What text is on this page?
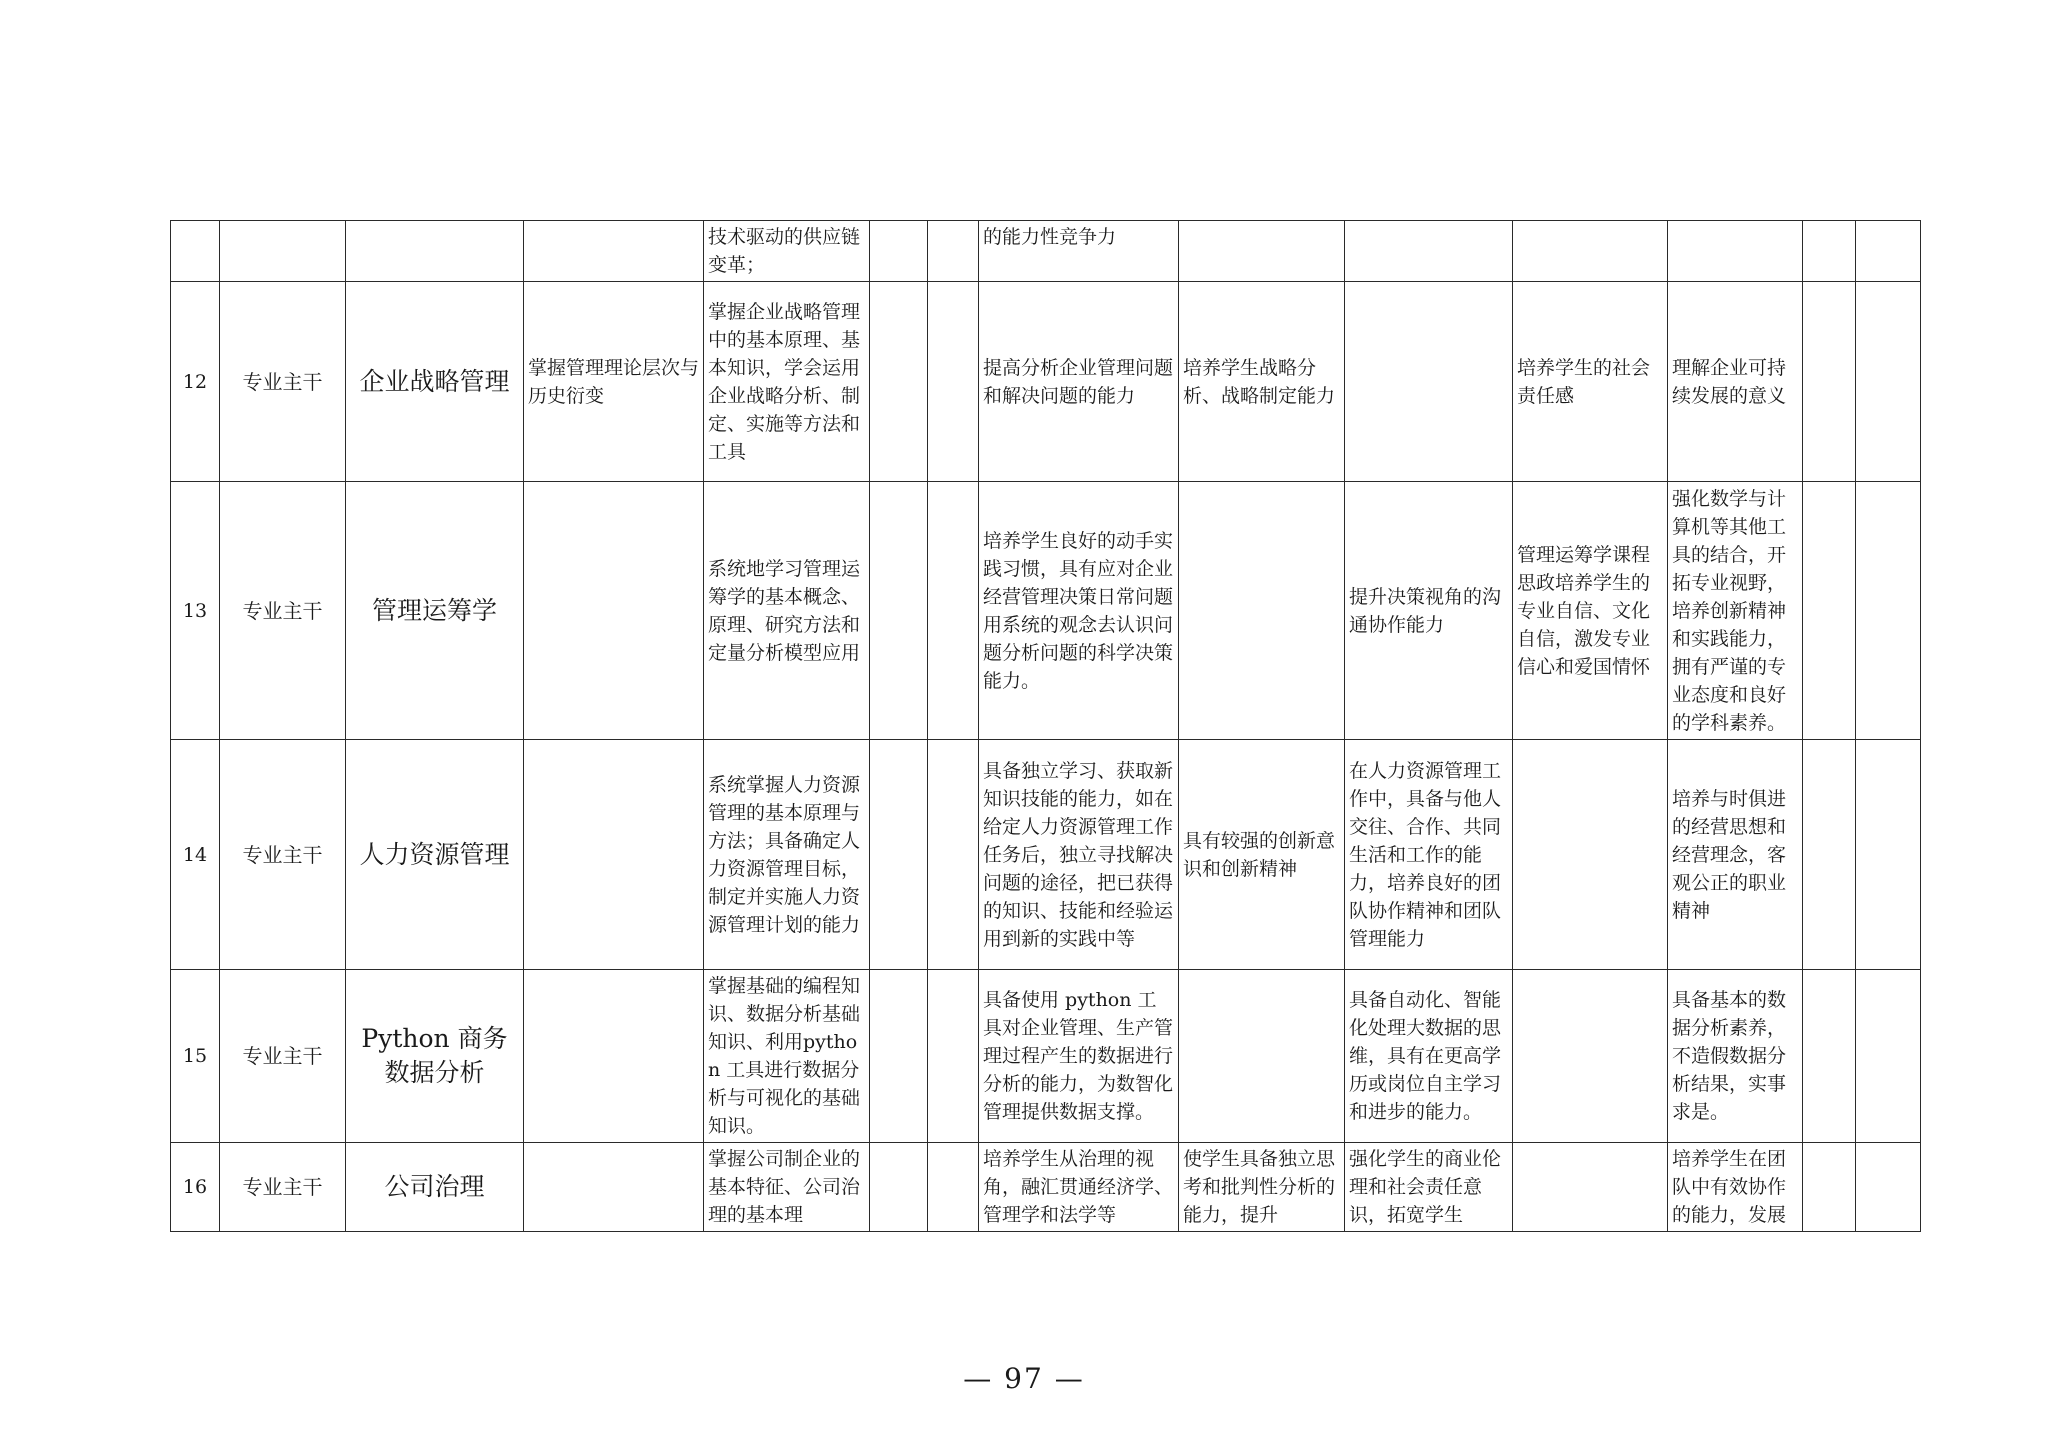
				技术驱动的供应链变革；			的能力性竞争力						
12	专业主干	企业战略管理	掌握管理理论层次与历史衍变	掌握企业战略管理中的基本原理、基本知识，学会运用企业战略分析、制定、实施等方法和工具			提高分析企业管理问题和解决问题的能力	培养学生战略分析、战略制定能力		培养学生的社会责任感	理解企业可持续发展的意义		
13	专业主干	管理运筹学		系统地学习管理运筹学的基本概念、原理、研究方法和定量分析模型应用			培养学生良好的动手实践习惯，具有应对企业经营管理决策日常问题用系统的观念去认识问题分析问题的科学决策能力。		提升决策视角的沟通协作能力	管理运筹学课程思政培养学生的专业自信、文化自信，激发专业信心和爱国情怀	强化数学与计算机等其他工具的结合，开拓专业视野，培养创新精神和实践能力，拥有严谨的专业态度和良好的学科素养。		
14	专业主干	人力资源管理		系统掌握人力资源管理的基本原理与方法；具备确定人力资源管理目标，制定并实施人力资源管理计划的能力			具备独立学习、获取新知识技能的能力，如在给定人力资源管理工作任务后，独立寻找解决问题的途径，把已获得的知识、技能和经验运用到新的实践中等	具有较强的创新意识和创新精神	在人力资源管理工作中，具备与他人交往、合作、共同生活和工作的能力，培养良好的团队协作精神和团队管理能力		培养与时俱进的经营思想和经营理念，客观公正的职业精神		
15	专业主干	Python 商务数据分析		掌握基础的编程知识、数据分析基础知识、利用python 工具进行数据分析与可视化的基础知识。			具备使用 python 工具对企业管理、生产管理过程产生的数据进行分析的能力，为数智化管理提供数据支撑。		具备自动化、智能化处理大数据的思维，具有在更高学历或岗位自主学习和进步的能力。		具备基本的数据分析素养，不造假数据分析结果，实事求是。		
16	专业主干	公司治理		掌握公司制企业的基本特征、公司治理的基本理			培养学生从治理的视角，融汇贯通经济学、管理学和法学等	使学生具备独立思考和批判性分析的能力，提升	强化学生的商业伦理和社会责任意识，拓宽学生		培养学生在团队中有效协作的能力，发展		
— 97 —
